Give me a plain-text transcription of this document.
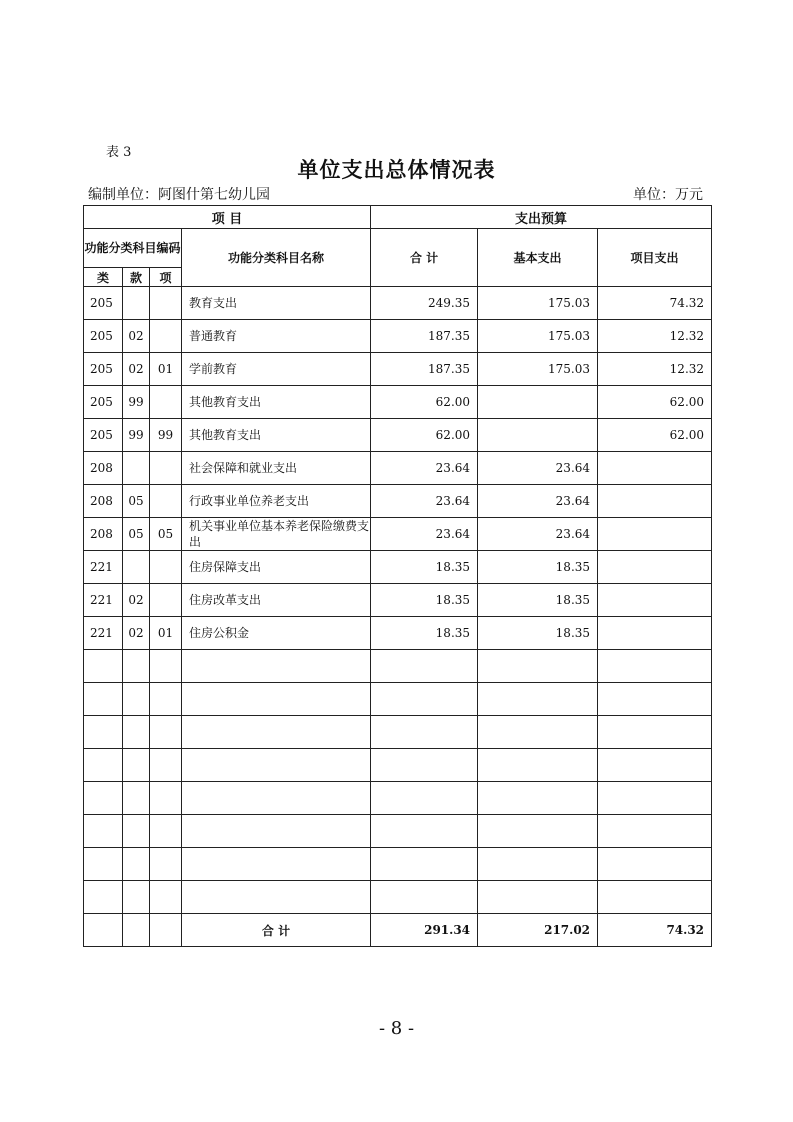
表 3
单位支出总体情况表
编制单位：阿图什第七幼儿园	单位：万元
项 目				支出预算		
功能分类科目编码			功能分类科目名称	合 计	基本支出	项目支出
类	款	项				
205			教育支出	249.35	175.03	74.32
205	02		普通教育	187.35	175.03	12.32
205	02	01	学前教育	187.35	175.03	12.32
205	99		其他教育支出	62.00		62.00
205	99	99	其他教育支出	62.00		62.00
208			社会保障和就业支出	23.64	23.64	
208	05		行政事业单位养老支出	23.64	23.64	
208	05	05	机关事业单位基本养老保险缴费支出	23.64	23.64	
221			住房保障支出	18.35	18.35	
221	02		住房改革支出	18.35	18.35	
221	02	01	住房公积金	18.35	18.35	

			合 计	291.34	217.02	74.32
- 8 -
